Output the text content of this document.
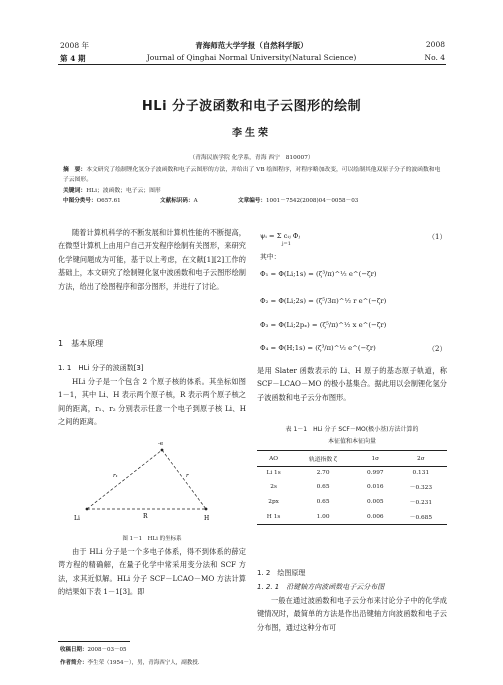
2008 年
第 4 期
青海师范大学学报（自然科学版）
Journal of Qinghai Normal University(Natural Science)
2008
No. 4
HLi 分子波函数和电子云图形的绘制
李生荣
（青海民族学院 化学系，青海 西宁　810007）
摘　要：本文研究了绘制锂化氢分子波函数和电子云图形的方法，并给出了 VB 绘图程序，对程序略加改变，可以绘制其他双原子分子的波函数和电子云图形。
关键词：HLi；波函数；电子云；图形
中图分类号：O657.61	文献标识码：A	文章编号：1001－7542(2008)04－0058－03
随着计算机科学的不断发展和计算机性能的不断提高，在微型计算机上由用户自己开发程序绘制有关图形，来研究化学键问题成为可能，基于以上考虑，在文献[1][2]工作的基础上，本文研究了绘制锂化氢中波函数和电子云图形绘制方法，给出了绘图程序和部分图形，并进行了讨论。
1　基本原理
1. 1　HLi 分子的波函数[3]
HLi 分子是一个包含 2 个原子核的体系。其坐标如图 1－1，其中 Li、H 表示两个原子核，R 表示两个原子核之间的距离，r₁、r₂ 分别表示任意一个电子到原子核 Li、H 之间的距离。
-e
r₁	r
Li	R	H
图 1－1　HLi 的坐标系
由于 HLi 分子是一个多电子体系，得不到体系的薛定谔方程的精确解，在量子化学中常采用变分法和 SCF 方法，求其近似解。HLi 分子 SCF－LCAO－MO 方法计算的结果如下表 1－1[3]。即
收稿日期：2008－03－05
作者简介：李生荣（1954－），男，青海西宁人，副教授.
ψᵢ = Σ cᵢⱼ Φⱼ
j=1
（1）
其中：
Φ₁ = Φ(Li;1s) = (ζ³/π)^½ e^(−ζr)
Φ₂ = Φ(Li;2s) = (ζ⁵/3π)^½ r e^(−ζr)
Φ₃ = Φ(Li;2pₓ) = (ζ⁵/π)^½ x e^(−ζr)
Φ₄ = Φ(H;1s) = (ζ³/π)^½ e^(−ζr)	（2）
是用 Slater 函数表示的 Li、H 原子的基态原子轨道，称 SCF－LCAO－MO 的极小基集合。据此用以会制锂化氢分子波函数和电子云分布图形。
表 1－1　HLi 分子 SCF－MO(极小基)方法计算的
本征值和本征向量
AO	轨道指数 ζ	1σ	2σ
Li 1s	2.70	0.997	0.131
2s	0.65	0.016	－0.323
2px	0.65	0.005	－0.231
H 1s	1.00	0.006	－0.685
1. 2　绘图原理
1. 2. 1　沿键轴方向波函数电子云分布图
一般在通过波函数和电子云分布来讨论分子中的化学成键情况时，最简单的方法是作出沿键轴方向波函数和电子云分布图，通过这种分布可
